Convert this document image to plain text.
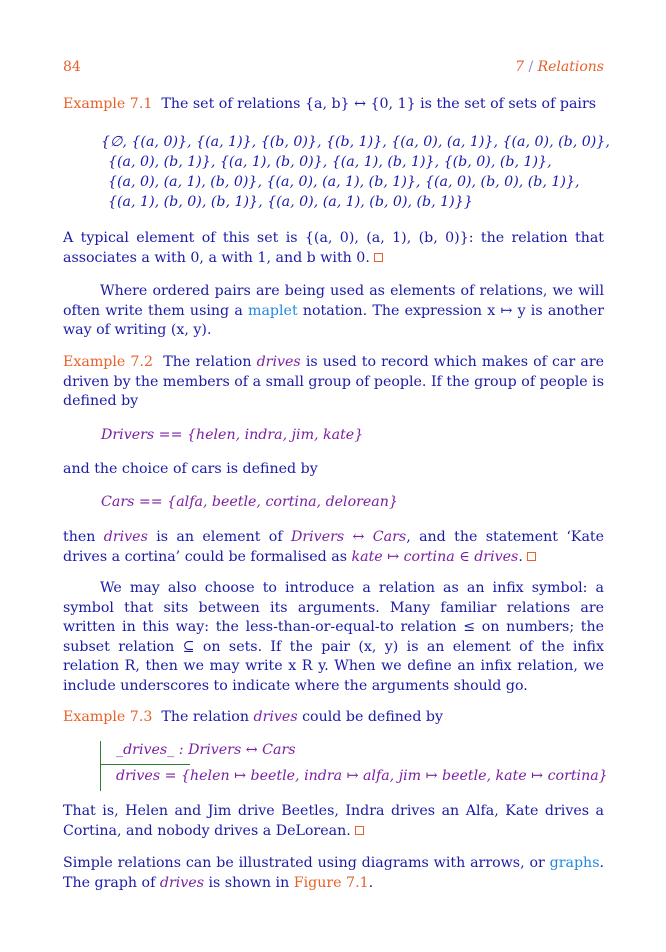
84	7 / Relations

Example 7.1 The set of relations {a, b} ↔ {0, 1} is the set of sets of pairs

{∅, {(a, 0)}, {(a, 1)}, {(b, 0)}, {(b, 1)}, {(a, 0), (a, 1)}, {(a, 0), (b, 0)},
{(a, 0), (b, 1)}, {(a, 1), (b, 0)}, {(a, 1), (b, 1)}, {(b, 0), (b, 1)},
{(a, 0), (a, 1), (b, 0)}, {(a, 0), (a, 1), (b, 1)}, {(a, 0), (b, 0), (b, 1)},
{(a, 1), (b, 0), (b, 1)}, {(a, 0), (a, 1), (b, 0), (b, 1)}}

A typical element of this set is {(a, 0), (a, 1), (b, 0)}: the relation that associates a with 0, a with 1, and b with 0.

Where ordered pairs are being used as elements of relations, we will often write them using a maplet notation. The expression x ↦ y is another way of writing (x, y).

Example 7.2 The relation drives is used to record which makes of car are driven by the members of a small group of people. If the group of people is defined by

Drivers == {helen, indra, jim, kate}

and the choice of cars is defined by

Cars == {alfa, beetle, cortina, delorean}

then drives is an element of Drivers ↔ Cars, and the statement ‘Kate drives a cortina’ could be formalised as kate ↦ cortina ∈ drives.

We may also choose to introduce a relation as an infix symbol: a symbol that sits between its arguments. Many familiar relations are written in this way: the less-than-or-equal-to relation ≤ on numbers; the subset relation ⊆ on sets. If the pair (x, y) is an element of the infix relation R, then we may write x R y. When we define an infix relation, we include underscores to indicate where the arguments should go.

Example 7.3 The relation drives could be defined by

_drives_ : Drivers ↔ Cars
drives = {helen ↦ beetle, indra ↦ alfa, jim ↦ beetle, kate ↦ cortina}

That is, Helen and Jim drive Beetles, Indra drives an Alfa, Kate drives a Cortina, and nobody drives a DeLorean.

Simple relations can be illustrated using diagrams with arrows, or graphs. The graph of drives is shown in Figure 7.1.
